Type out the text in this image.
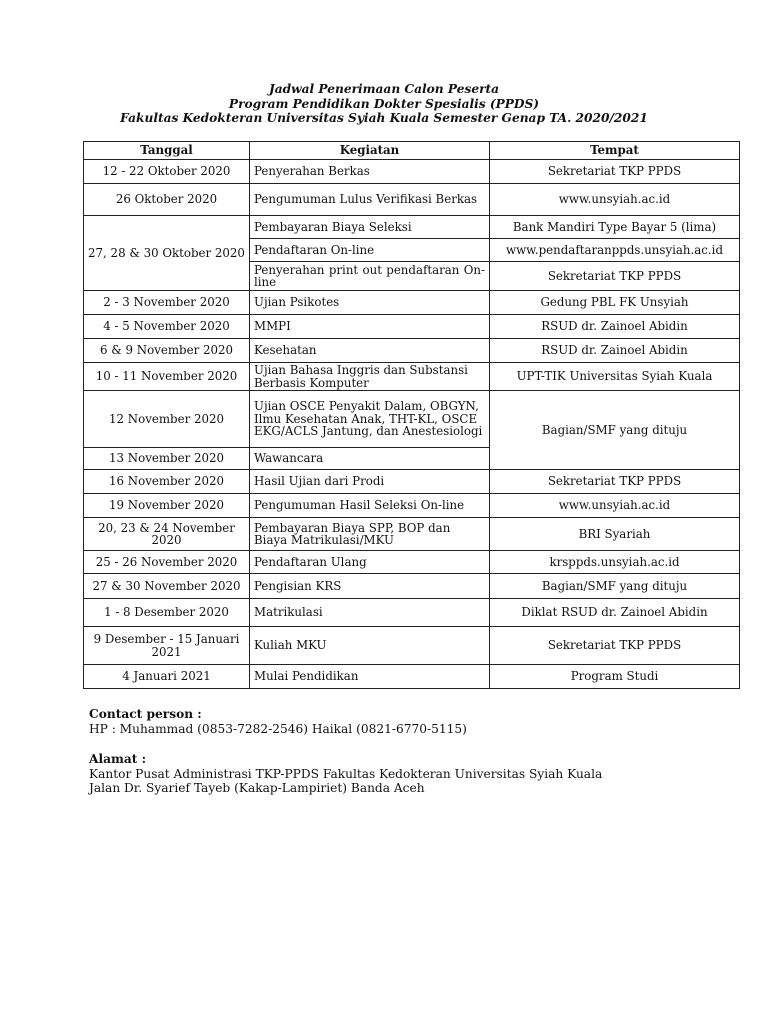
Jadwal Penerimaan Calon Peserta
Program Pendidikan Dokter Spesialis (PPDS)
Fakultas Kedokteran Universitas Syiah Kuala Semester Genap TA. 2020/2021
Tanggal	Kegiatan	Tempat
12 - 22 Oktober 2020	Penyerahan Berkas	Sekretariat TKP PPDS
26 Oktober 2020	Pengumuman Lulus Verifikasi Berkas	www.unsyiah.ac.id
27, 28 & 30 Oktober 2020	Pembayaran Biaya Seleksi	Bank Mandiri Type Bayar 5 (lima)
	Pendaftaran On-line	www.pendaftaranppds.unsyiah.ac.id
	Penyerahan print out pendaftaran On-line	Sekretariat TKP PPDS
2 - 3 November 2020	Ujian Psikotes	Gedung PBL FK Unsyiah
4 - 5 November 2020	MMPI	RSUD dr. Zainoel Abidin
6 & 9 November 2020	Kesehatan	RSUD dr. Zainoel Abidin
10 - 11 November 2020	Ujian Bahasa Inggris dan Substansi Berbasis Komputer	UPT-TIK Universitas Syiah Kuala
12 November 2020	Ujian OSCE Penyakit Dalam, OBGYN, Ilmu Kesehatan Anak, THT-KL, OSCE EKG/ACLS Jantung, dan Anestesiologi	Bagian/SMF yang dituju
13 November 2020	Wawancara	
16 November 2020	Hasil Ujian dari Prodi	Sekretariat TKP PPDS
19 November 2020	Pengumuman Hasil Seleksi On-line	www.unsyiah.ac.id
20, 23 & 24 November 2020	Pembayaran Biaya SPP, BOP dan Biaya Matrikulasi/MKU	BRI Syariah
25 - 26 November 2020	Pendaftaran Ulang	krsppds.unsyiah.ac.id
27 & 30 November 2020	Pengisian KRS	Bagian/SMF yang dituju
1 - 8 Desember 2020	Matrikulasi	Diklat RSUD dr. Zainoel Abidin
9 Desember - 15 Januari 2021	Kuliah MKU	Sekretariat TKP PPDS
4 Januari 2021	Mulai Pendidikan	Program Studi
Contact person :
HP : Muhammad (0853-7282-2546) Haikal (0821-6770-5115)
Alamat :
Kantor Pusat Administrasi TKP-PPDS Fakultas Kedokteran Universitas Syiah Kuala
Jalan Dr. Syarief Tayeb (Kakap-Lampiriet) Banda Aceh
